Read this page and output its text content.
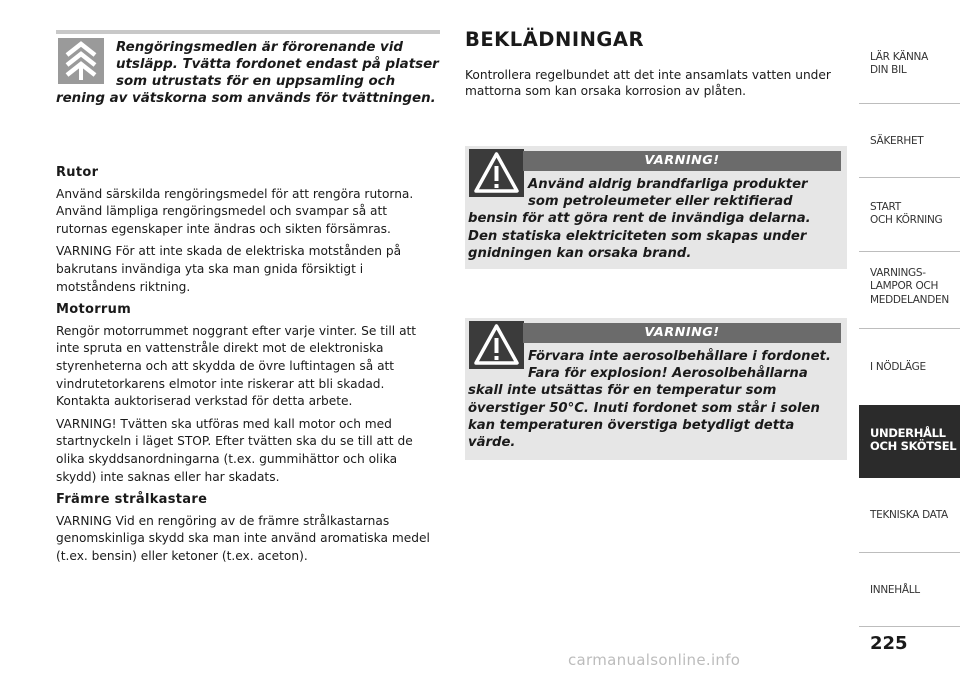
Rengöringsmedlen är förorenande vid utsläpp. Tvätta fordonet endast på platser som utrustats för en uppsamling och rening av vätskorna som används för tvättningen.
Rutor

Använd särskilda rengöringsmedel för att rengöra rutorna. Använd lämpliga rengöringsmedel och svampar så att rutornas egenskaper inte ändras och sikten försämras.

VARNING För att inte skada de elektriska motstånden på bakrutans invändiga yta ska man gnida försiktigt i motståndens riktning.

Motorrum

Rengör motorrummet noggrant efter varje vinter. Se till att inte spruta en vattenstråle direkt mot de elektroniska styrenheterna och att skydda de övre luftintagen så att vindrutetorkarens elmotor inte riskerar att bli skadad. Kontakta auktoriserad verkstad för detta arbete.

VARNING! Tvätten ska utföras med kall motor och med startnyckeln i läget STOP. Efter tvätten ska du se till att de olika skyddsanordningarna (t.ex. gummihättor och olika skydd) inte saknas eller har skadats.

Främre strålkastare

VARNING Vid en rengöring av de främre strålkastarnas genomskinliga skydd ska man inte använd aromatiska medel (t.ex. bensin) eller ketoner (t.ex. aceton).

BEKLÄDNINGAR
Kontrollera regelbundet att det inte ansamlats vatten under mattorna som kan orsaka korrosion av plåten.
VARNING!
Använd aldrig brandfarliga produkter som petroleumeter eller rektifierad bensin för att göra rent de invändiga delarna. Den statiska elektriciteten som skapas under gnidningen kan orsaka brand.
VARNING!
Förvara inte aerosolbehållare i fordonet. Fara för explosion! Aerosolbehållarna skall inte utsättas för en temperatur som överstiger 50°C. Inuti fordonet som står i solen kan temperaturen överstiga betydligt detta värde.
LÄR KÄNNA
DIN BIL
SÄKERHET
START
OCH KÖRNING
VARNINGS-
LAMPOR OCH
MEDDELANDEN
I NÖDLÄGE
UNDERHÅLL
OCH SKÖTSEL
TEKNISKA DATA
INNEHÅLL
225
carmanualsonline.info
